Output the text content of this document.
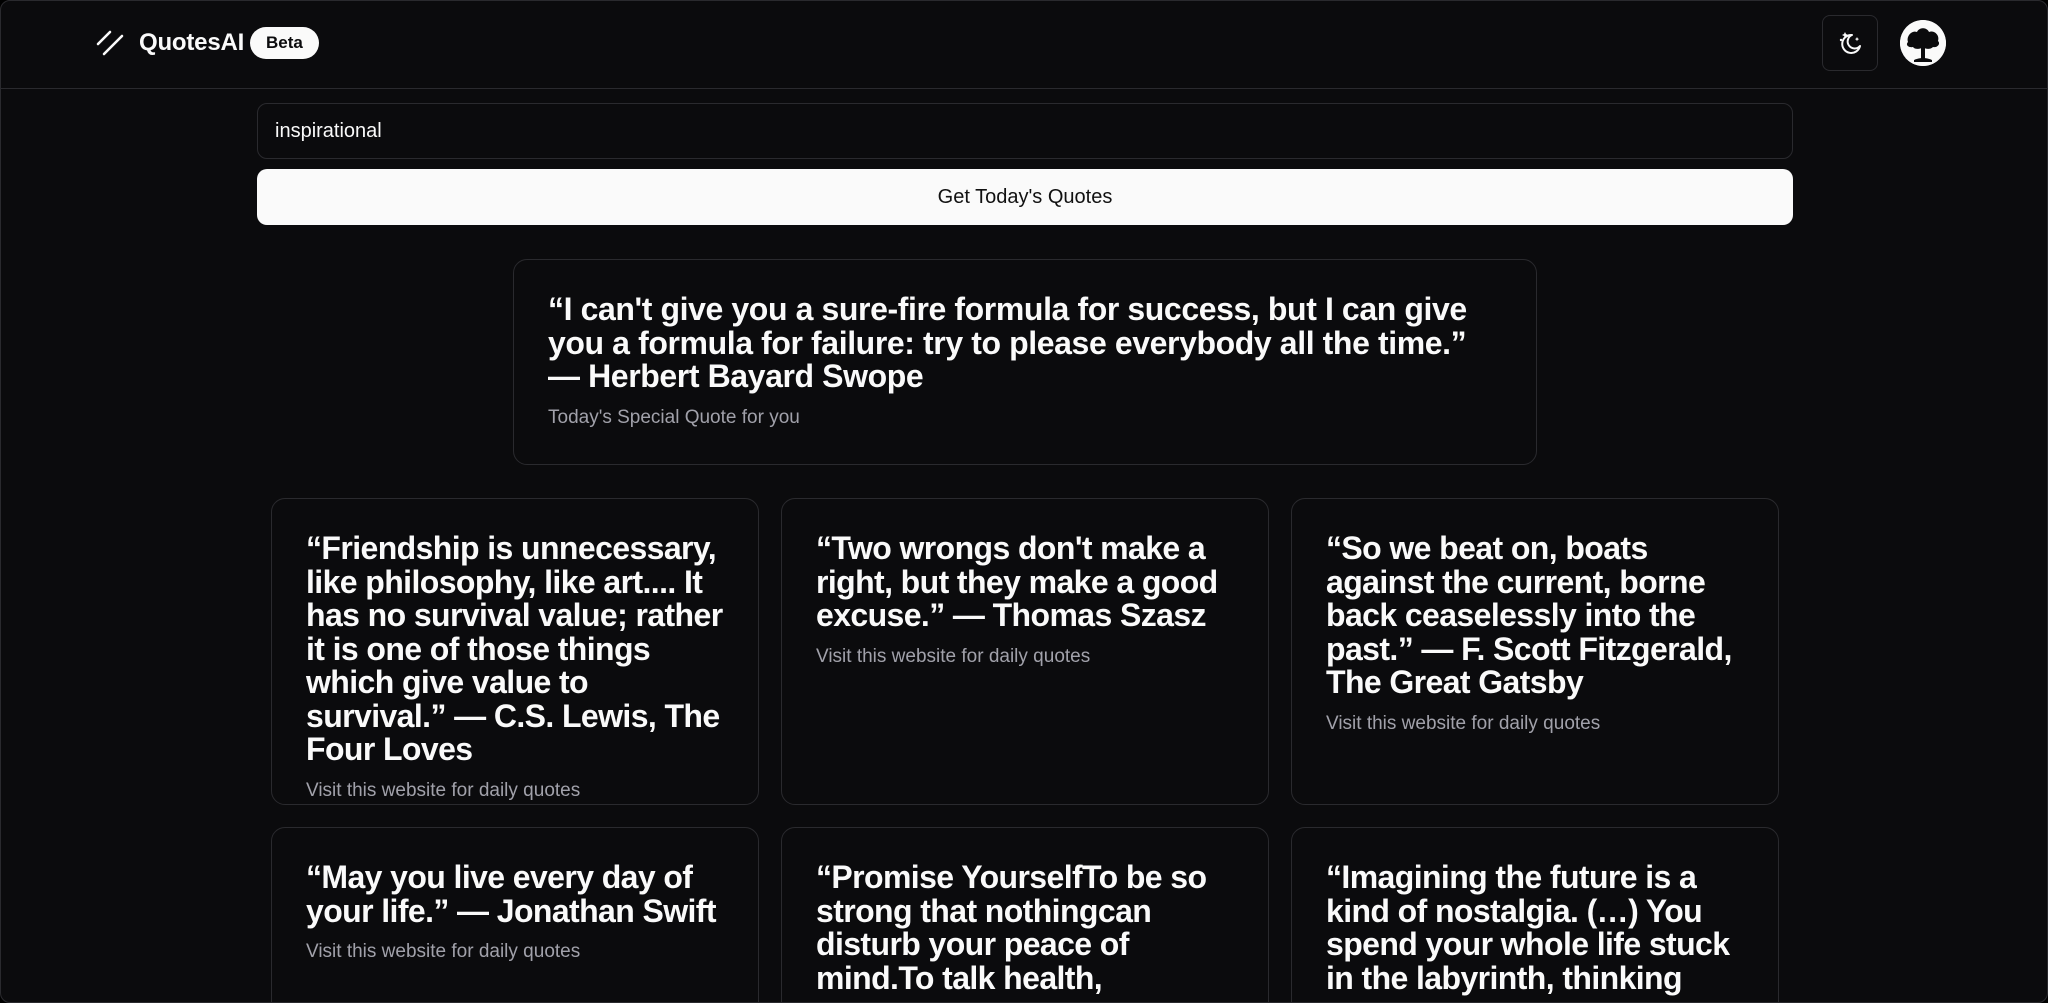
QuotesAI	Beta
inspirational
Get Today's Quotes
“I can't give you a sure-fire formula for success, but I can give you a formula for failure: try to please everybody all the time.” — Herbert Bayard Swope
Today's Special Quote for you
“Friendship is unnecessary, like philosophy, like art.... It has no survival value; rather it is one of those things which give value to survival.” — C.S. Lewis, The Four Loves
Visit this website for daily quotes
“Two wrongs don't make a right, but they make a good excuse.” — Thomas Szasz
Visit this website for daily quotes
“So we beat on, boats against the current, borne back ceaselessly into the past.” — F. Scott Fitzgerald, The Great Gatsby
Visit this website for daily quotes
“May you live every day of your life.” — Jonathan Swift
Visit this website for daily quotes
“Promise YourselfTo be so strong that nothingcan disturb your peace of mind.To talk health,
“Imagining the future is a kind of nostalgia. (…) You spend your whole life stuck in the labyrinth, thinking
